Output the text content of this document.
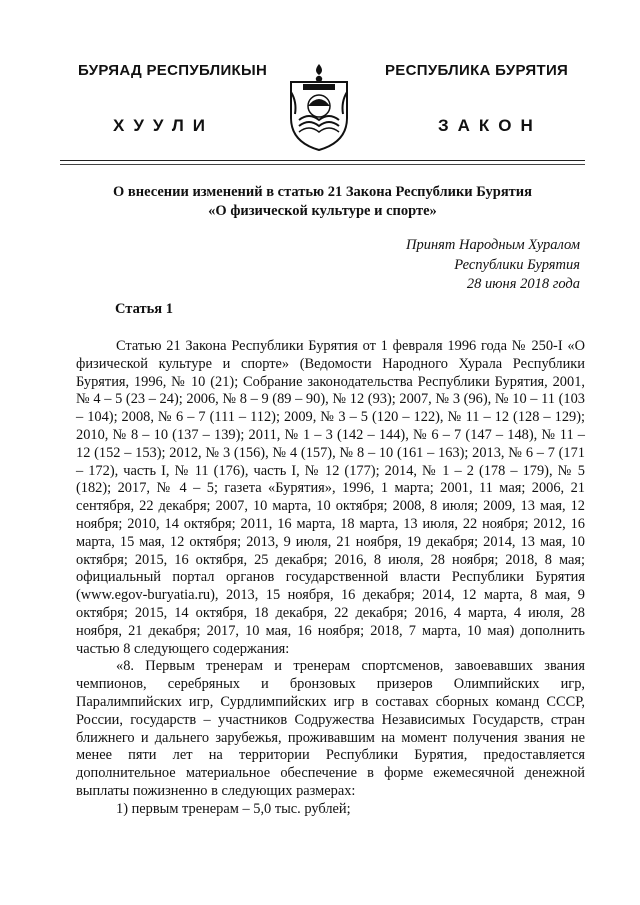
БУРЯАД РЕСПУБЛИКЫН	РЕСПУБЛИКА БУРЯТИЯ
ХУУЛИ	ЗАКОН
О внесении изменений в статью 21 Закона Республики Бурятия
«О физической культуре и спорте»
Принят Народным Хуралом
Республики Бурятия
28 июня 2018 года
Статья 1

Статью 21 Закона Республики Бурятия от 1 февраля 1996 года № 250-I «О физической культуре и спорте» (Ведомости Народного Хурала Республики Бурятия, 1996, № 10 (21); Собрание законодательства Республики Бурятия, 2001, № 4 – 5 (23 – 24); 2006, № 8 – 9 (89 – 90), № 12 (93); 2007, № 3 (96), № 10 – 11 (103 – 104); 2008, № 6 – 7 (111 – 112); 2009, № 3 – 5 (120 – 122), № 11 – 12 (128 – 129); 2010, № 8 – 10 (137 – 139); 2011, № 1 – 3 (142 – 144), № 6 – 7 (147 – 148), № 11 – 12 (152 – 153); 2012, № 3 (156), № 4 (157), № 8 – 10 (161 – 163); 2013, № 6 – 7 (171 – 172), часть I, № 11 (176), часть I, № 12 (177); 2014, № 1 – 2 (178 – 179), № 5 (182); 2017, № 4 – 5; газета «Бурятия», 1996, 1 марта; 2001, 11 мая; 2006, 21 сентября, 22 декабря; 2007, 10 марта, 10 октября; 2008, 8 июля; 2009, 13 мая, 12 ноября; 2010, 14 октября; 2011, 16 марта, 18 марта, 13 июля, 22 ноября; 2012, 16 марта, 15 мая, 12 октября; 2013, 9 июля, 21 ноября, 19 декабря; 2014, 13 мая, 10 октября; 2015, 16 октября, 25 декабря; 2016, 8 июля, 28 ноября; 2018, 8 мая; официальный портал органов государственной власти Республики Бурятия (www.egov-buryatia.ru), 2013, 15 ноября, 16 декабря; 2014, 12 марта, 8 мая, 9 октября; 2015, 14 октября, 18 декабря, 22 декабря; 2016, 4 марта, 4 июля, 28 ноября, 21 декабря; 2017, 10 мая, 16 ноября; 2018, 7 марта, 10 мая) дополнить частью 8 следующего содержания:

«8. Первым тренерам и тренерам спортсменов, завоевавших звания чемпионов, серебряных и бронзовых призеров Олимпийских игр, Паралимпийских игр, Сурдлимпийских игр в составах сборных команд СССР, России, государств – участников Содружества Независимых Государств, стран ближнего и дальнего зарубежья, проживавшим на момент получения звания не менее пяти лет на территории Республики Бурятия, предоставляется дополнительное материальное обеспечение в форме ежемесячной денежной выплаты пожизненно в следующих размерах:

1) первым тренерам – 5,0 тыс. рублей;
